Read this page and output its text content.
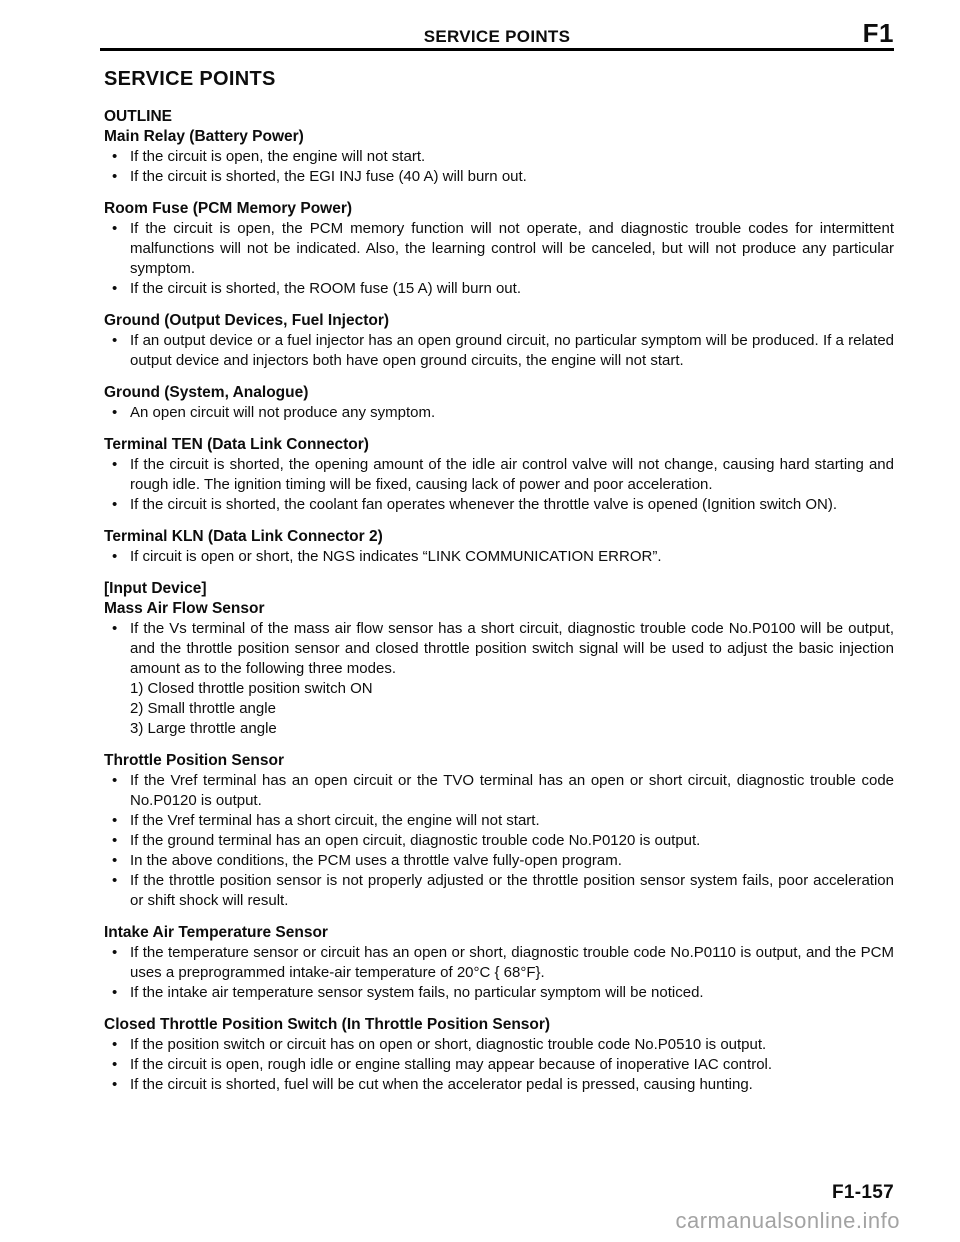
SERVICE POINTS	F1
SERVICE POINTS
OUTLINE
Main Relay (Battery Power)
•
If the circuit is open, the engine will not start.
•
If the circuit is shorted, the EGI INJ fuse (40 A) will burn out.
Room Fuse (PCM Memory Power)
•
If the circuit is open, the PCM memory function will not operate, and diagnostic trouble codes for intermittent malfunctions will not be indicated. Also, the learning control will be canceled, but will not produce any particular symptom.
•
If the circuit is shorted, the ROOM fuse (15 A) will burn out.
Ground (Output Devices, Fuel Injector)
•
If an output device or a fuel injector has an open ground circuit, no particular symptom will be produced. If a related output device and injectors both have open ground circuits, the engine will not start.
Ground (System, Analogue)
•
An open circuit will not produce any symptom.
Terminal TEN (Data Link Connector)
•
If the circuit is shorted, the opening amount of the idle air control valve will not change, causing hard starting and rough idle. The ignition timing will be fixed, causing lack of power and poor acceleration.
•
If the circuit is shorted, the coolant fan operates whenever the throttle valve is opened (Ignition switch ON).
Terminal KLN (Data Link Connector 2)
•
If circuit is open or short, the NGS indicates “LINK COMMUNICATION ERROR”.
[Input Device]
Mass Air Flow Sensor
•
If the Vs terminal of the mass air flow sensor has a short circuit, diagnostic trouble code No.P0100 will be output, and the throttle position sensor and closed throttle position switch signal will be used to adjust the basic injection amount as to the following three modes.
1) Closed throttle position switch ON
2) Small throttle angle
3) Large throttle angle
Throttle Position Sensor
•
If the Vref terminal has an open circuit or the TVO terminal has an open or short circuit, diagnostic trouble code No.P0120 is output.
•
If the Vref terminal has a short circuit, the engine will not start.
•
If the ground terminal has an open circuit, diagnostic trouble code No.P0120 is output.
•
In the above conditions, the PCM uses a throttle valve fully-open program.
•
If the throttle position sensor is not properly adjusted or the throttle position sensor system fails, poor acceleration or shift shock will result.
Intake Air Temperature Sensor
•
If the temperature sensor or circuit has an open or short, diagnostic trouble code No.P0110 is output, and the PCM uses a preprogrammed intake-air temperature of 20°C { 68°F}.
•
If the intake air temperature sensor system fails, no particular symptom will be noticed.
Closed Throttle Position Switch (In Throttle Position Sensor)
•
If the position switch or circuit has on open or short, diagnostic trouble code No.P0510 is output.
•
If the circuit is open, rough idle or engine stalling may appear because of inoperative IAC control.
•
If the circuit is shorted, fuel will be cut when the accelerator pedal is pressed, causing hunting.
F1-157
carmanualsonline.info
